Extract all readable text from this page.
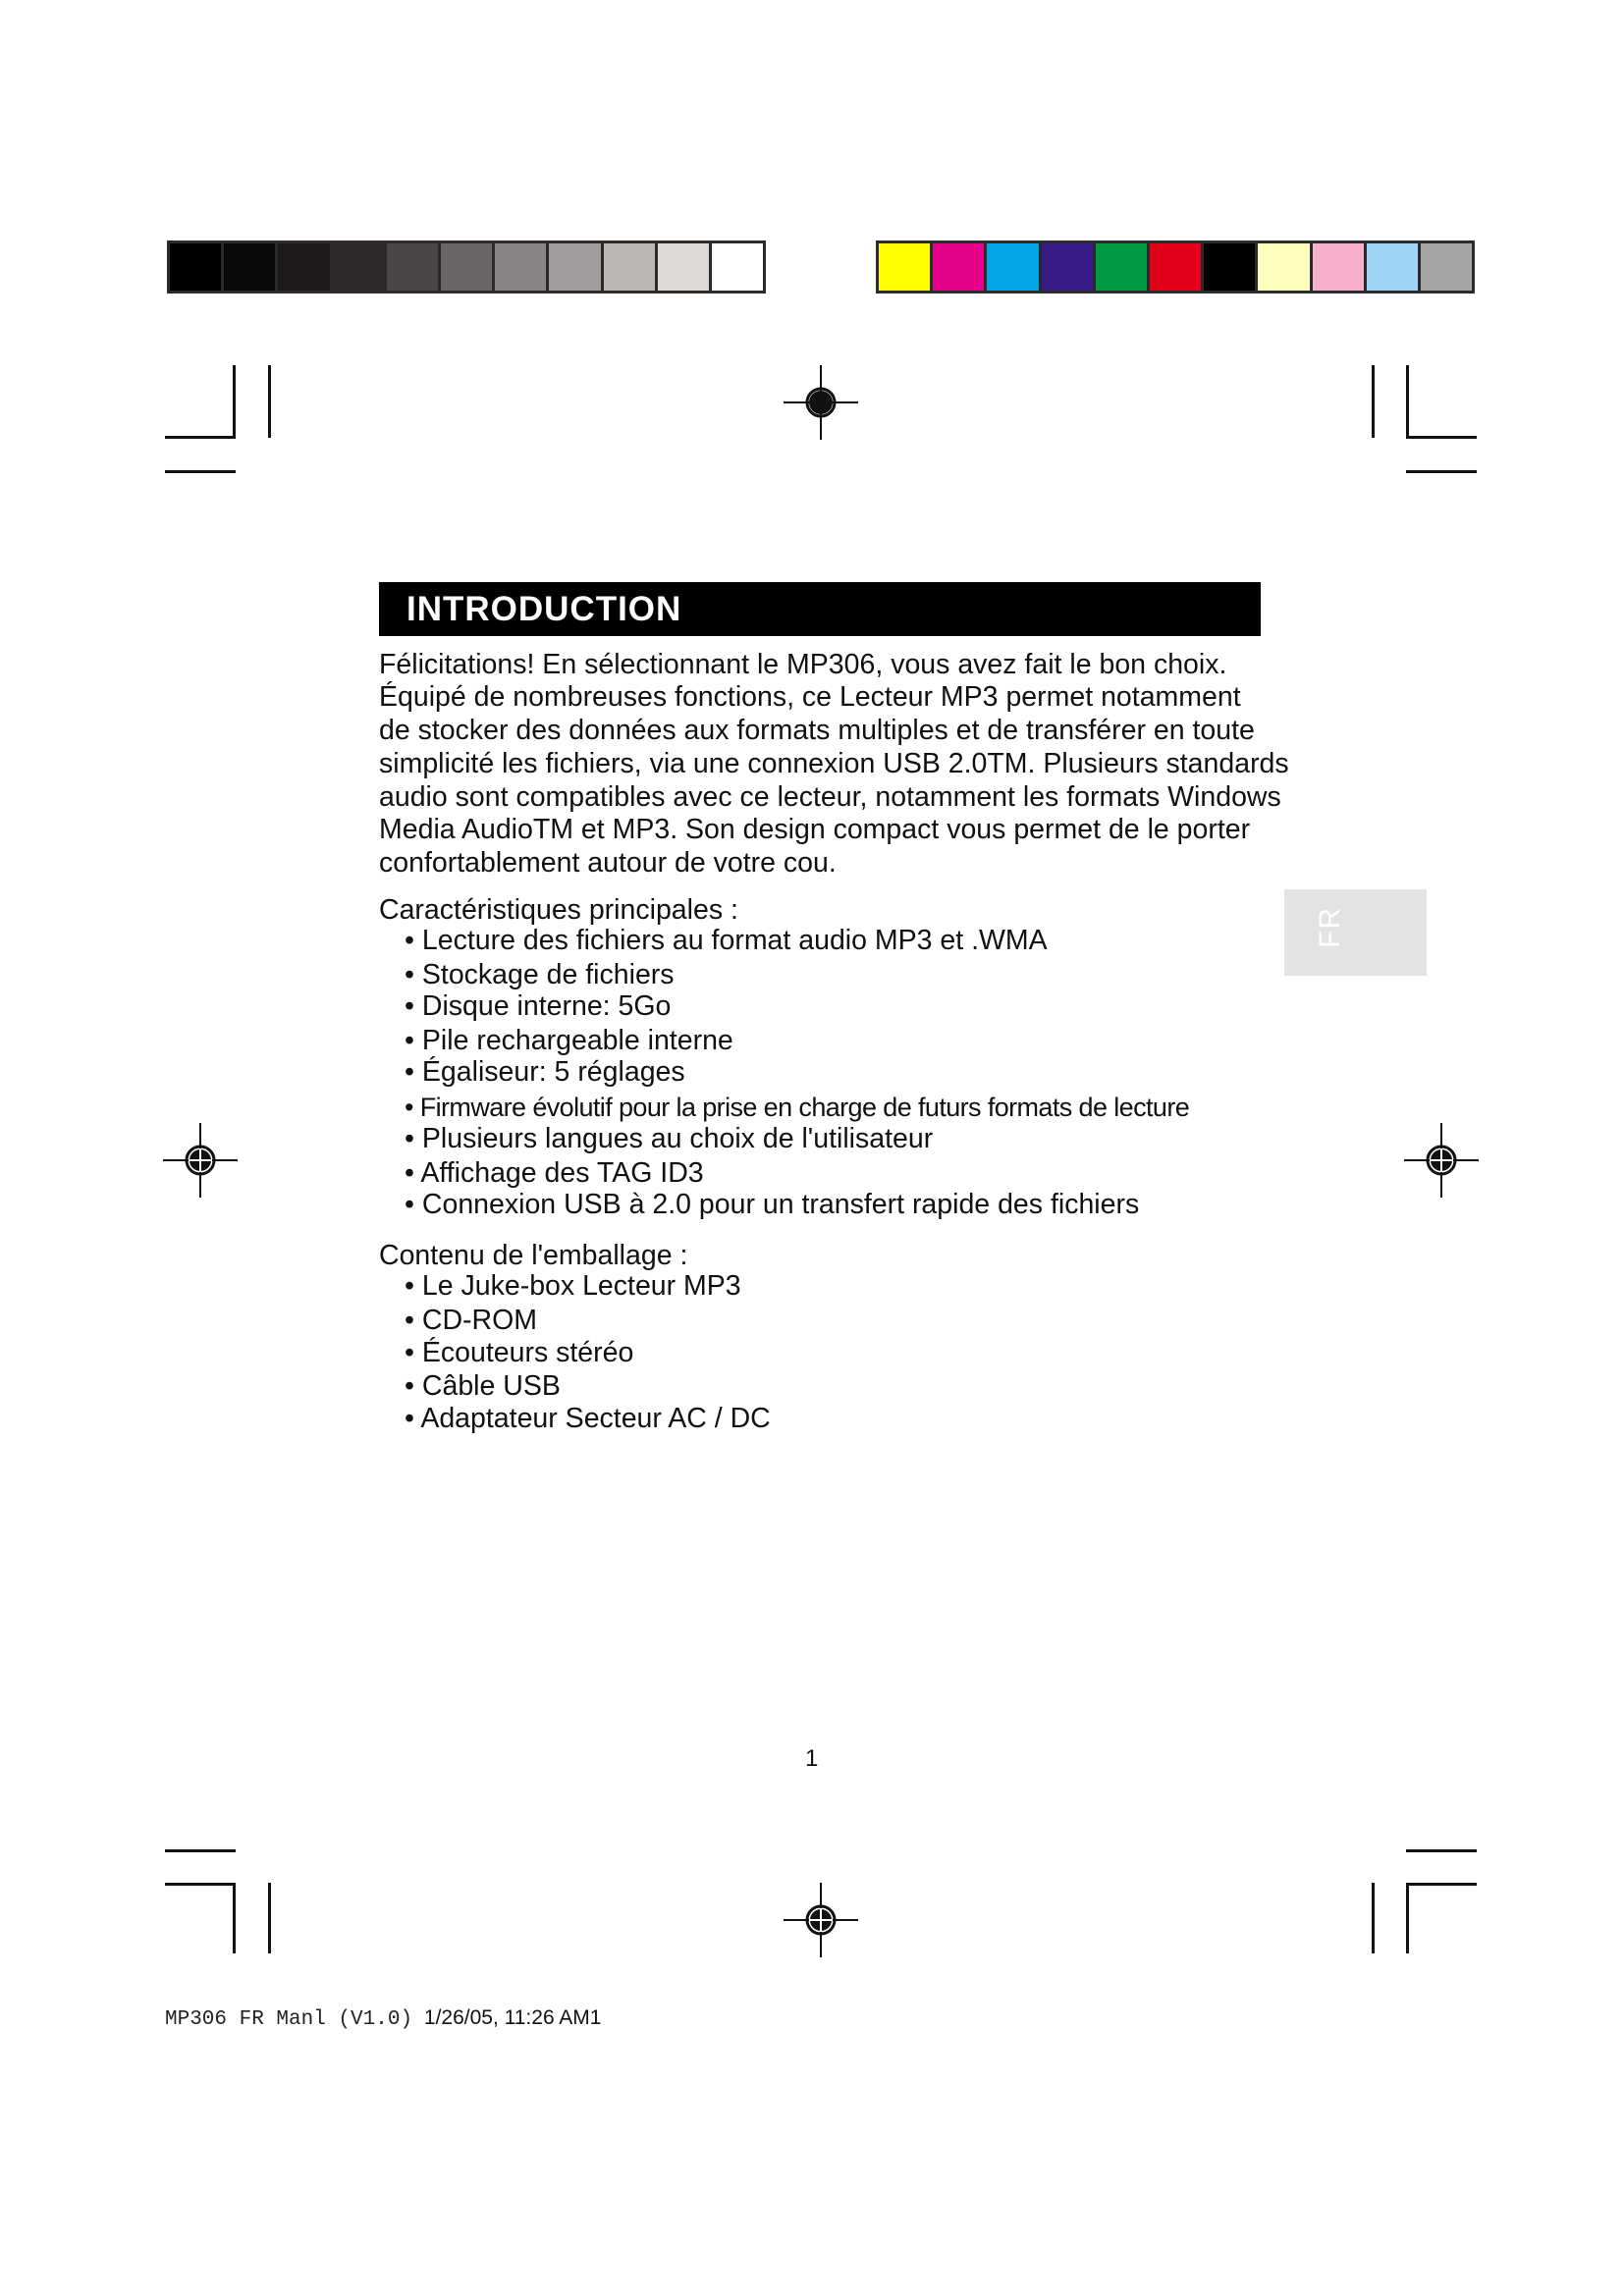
INTRODUCTION
Félicitations! En sélectionnant le MP306, vous avez fait le bon choix.
Équipé de nombreuses fonctions, ce Lecteur MP3 permet notamment
de stocker des données aux formats multiples et de transférer en toute
simplicité les fichiers, via une connexion USB 2.0TM. Plusieurs standards
audio sont compatibles avec ce lecteur, notamment les formats Windows
Media AudioTM et MP3. Son design compact vous permet de le porter
confortablement autour de votre cou.
Caractéristiques principales :
• Lecture des fichiers au format audio MP3 et .WMA
• Stockage de fichiers
• Disque interne: 5Go
• Pile rechargeable interne
• Égaliseur: 5 réglages
• Firmware évolutif pour la prise en charge de futurs formats de lecture
• Plusieurs langues au choix de l'utilisateur
• Affichage des TAG ID3
• Connexion USB à 2.0 pour un transfert rapide des fichiers
Contenu de l'emballage :
• Le Juke-box Lecteur MP3
• CD-ROM
• Écouteurs stéréo
• Câble USB
• Adaptateur Secteur AC / DC
FR
1
MP306 FR Manl (V1.0) 1/26/05, 11:26 AM1
